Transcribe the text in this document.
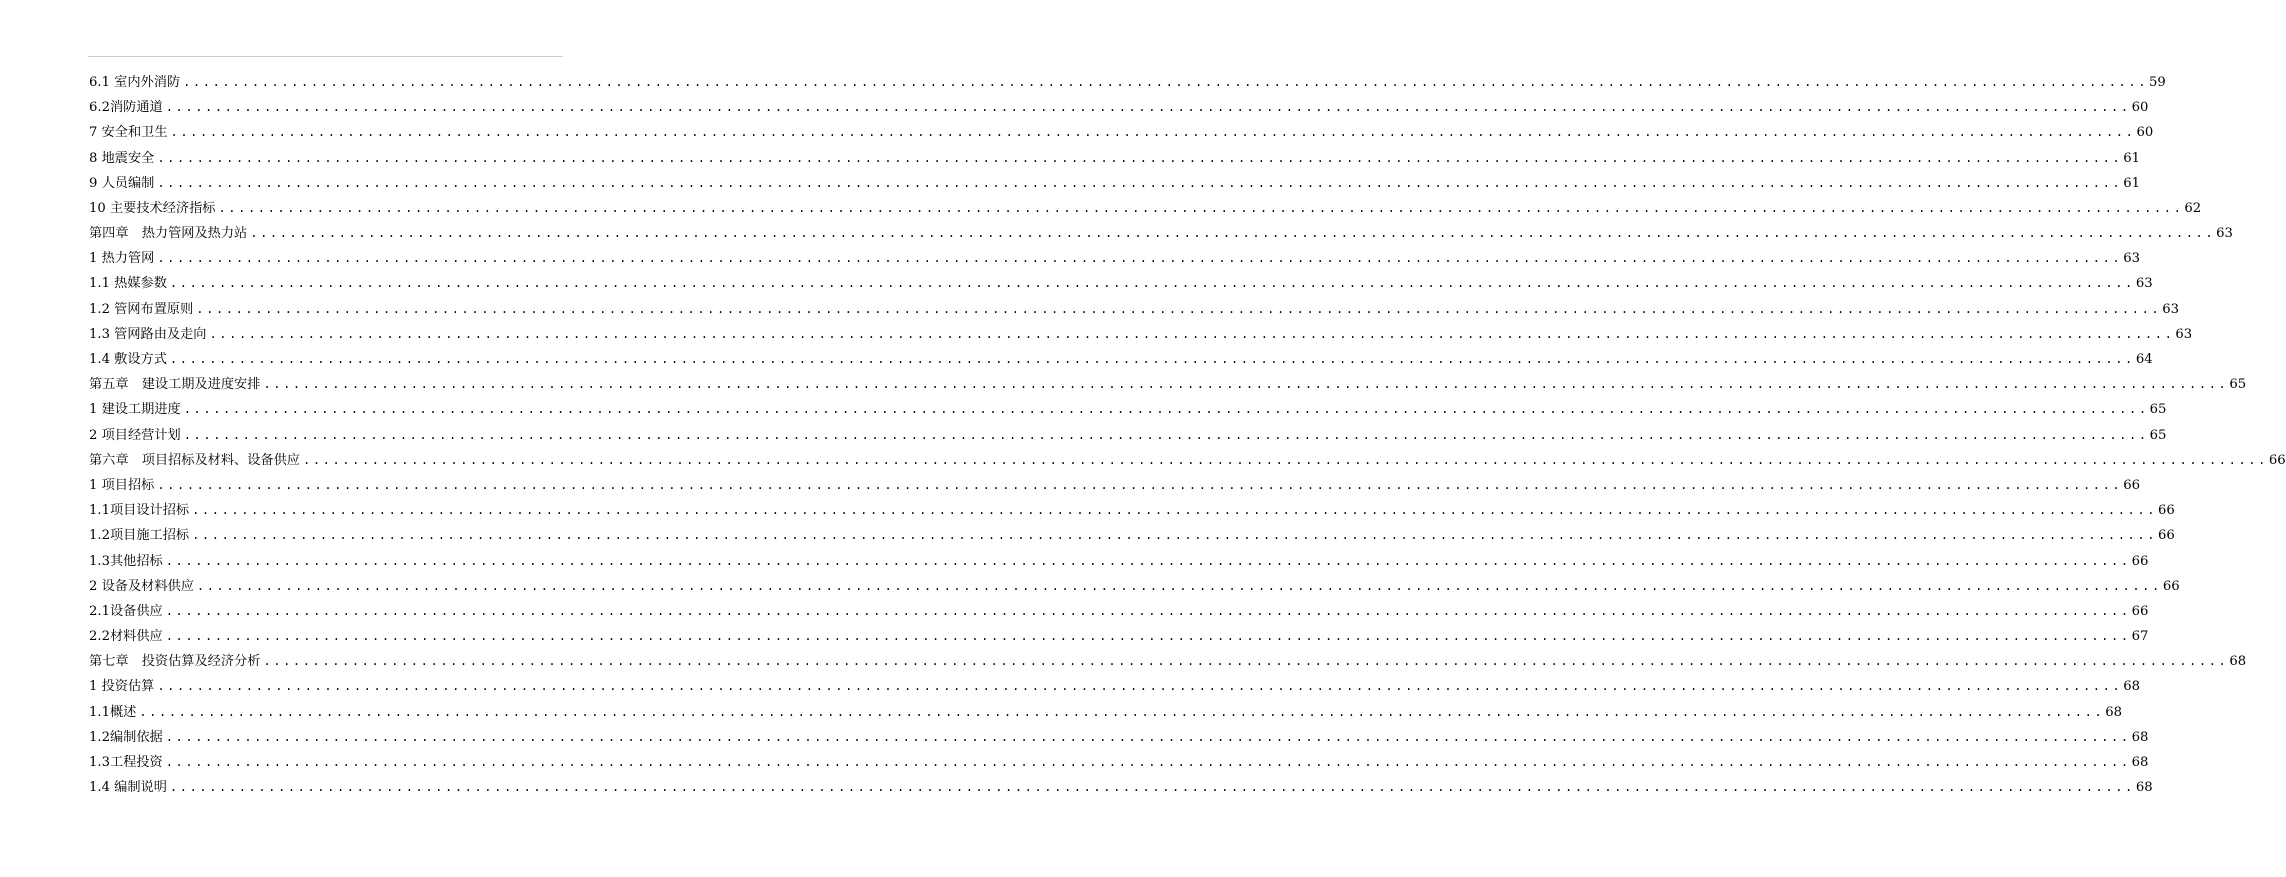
6.1 室内外消防 ........................................................................................................................................................................................................ 59
6.2消防通道 ........................................................................................................................................................................................................ 60
7 安全和卫生 ........................................................................................................................................................................................................ 60
8 地震安全 ........................................................................................................................................................................................................ 61
9 人员编制 ........................................................................................................................................................................................................ 61
10 主要技术经济指标 ........................................................................................................................................................................................................ 62
第四章　热力管网及热力站 ........................................................................................................................................................................................................ 63
1 热力管网 ........................................................................................................................................................................................................ 63
1.1 热媒参数 ........................................................................................................................................................................................................ 63
1.2 管网布置原则 ........................................................................................................................................................................................................ 63
1.3 管网路由及走向 ........................................................................................................................................................................................................ 63
1.4 敷设方式 ........................................................................................................................................................................................................ 64
第五章　建设工期及进度安排 ........................................................................................................................................................................................................ 65
1 建设工期进度 ........................................................................................................................................................................................................ 65
2 项目经营计划 ........................................................................................................................................................................................................ 65
第六章　项目招标及材料、设备供应 ........................................................................................................................................................................................................ 66
1 项目招标 ........................................................................................................................................................................................................ 66
1.1项目设计招标 ........................................................................................................................................................................................................ 66
1.2项目施工招标 ........................................................................................................................................................................................................ 66
1.3其他招标 ........................................................................................................................................................................................................ 66
2 设备及材料供应 ........................................................................................................................................................................................................ 66
2.1设备供应 ........................................................................................................................................................................................................ 66
2.2材料供应 ........................................................................................................................................................................................................ 67
第七章　投资估算及经济分析 ........................................................................................................................................................................................................ 68
1 投资估算 ........................................................................................................................................................................................................ 68
1.1概述 ........................................................................................................................................................................................................ 68
1.2编制依据 ........................................................................................................................................................................................................ 68
1.3工程投资 ........................................................................................................................................................................................................ 68
1.4 编制说明 ........................................................................................................................................................................................................ 68
